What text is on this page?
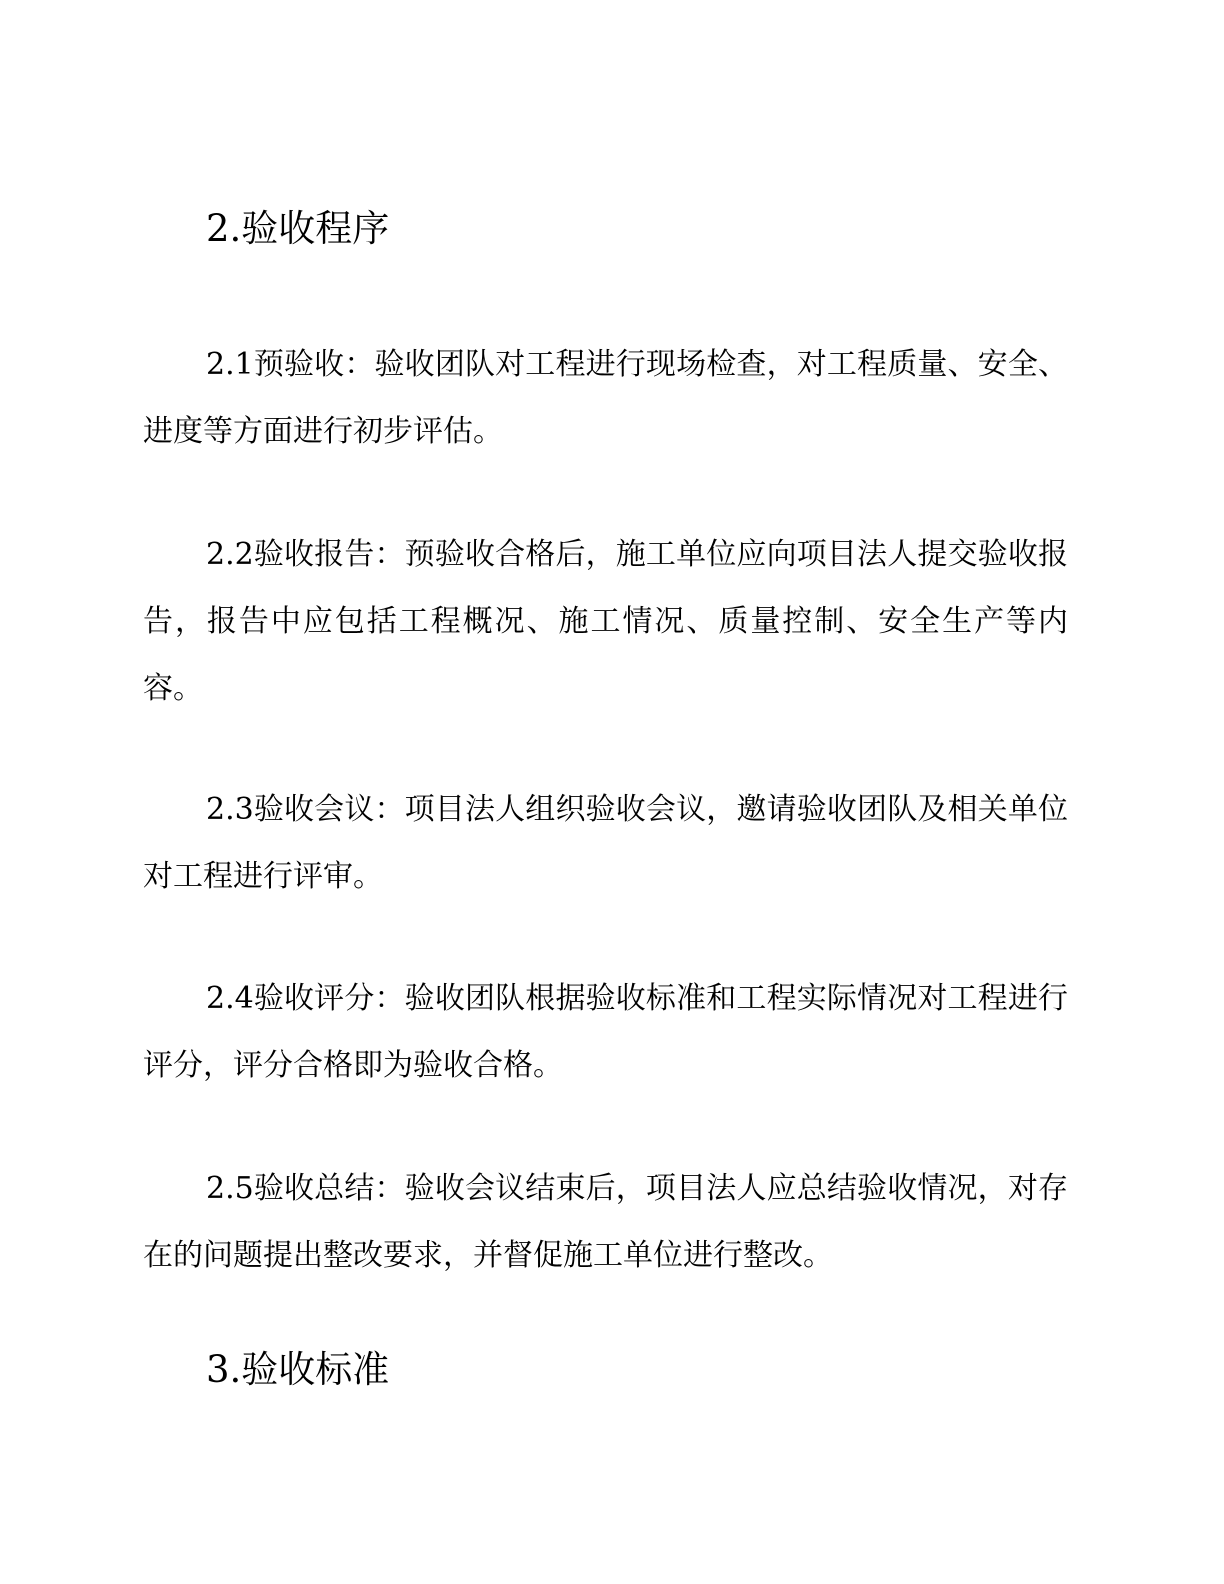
2.验收程序

2.1预验收：验收团队对工程进行现场检查，对工程质量、安全、进度等方面进行初步评估。

2.2验收报告：预验收合格后，施工单位应向项目法人提交验收报告，报告中应包括工程概况、施工情况、质量控制、安全生产等内容。

2.3验收会议：项目法人组织验收会议，邀请验收团队及相关单位对工程进行评审。

2.4验收评分：验收团队根据验收标准和工程实际情况对工程进行评分，评分合格即为验收合格。

2.5验收总结：验收会议结束后，项目法人应总结验收情况，对存在的问题提出整改要求，并督促施工单位进行整改。

3.验收标准
